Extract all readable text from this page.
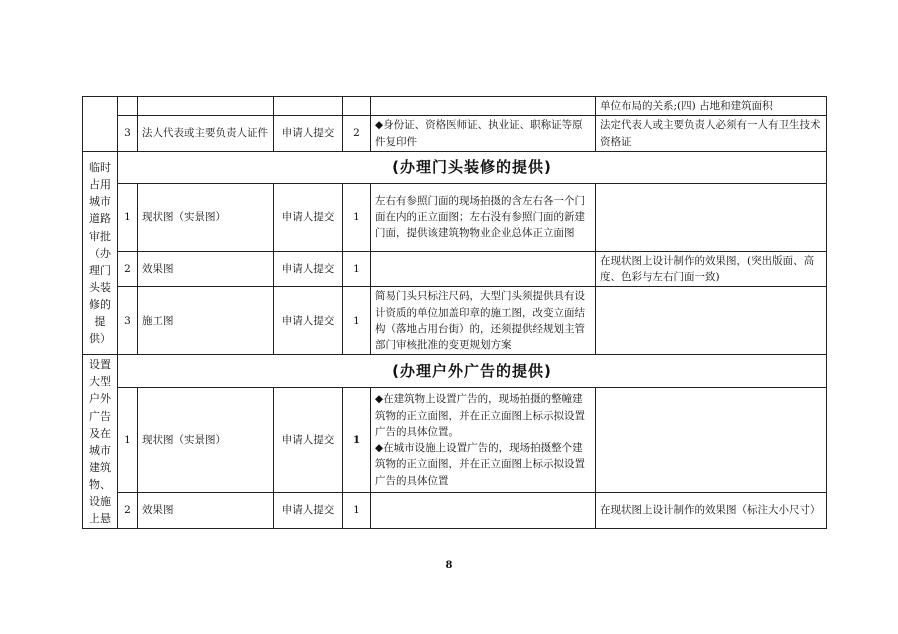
						单位布局的关系;(四) 占地和建筑面积
	3	法人代表或主要负责人证件	申请人提交	2	◆身份证、资格医师证、执业证、职称证等原件复印件	法定代表人或主要负责人必须有一人有卫生技术资格证
临时占用城市道路审批（办理门头装修的提供）	(办理门头装修的提供)					
	1	现状图（实景图）	申请人提交	1	左右有参照门面的现场拍摄的含左右各一个门面在内的正立面图；左右没有参照门面的新建门面，提供该建筑物物业企业总体正立面图	
	2	效果图	申请人提交	1		在现状图上设计制作的效果图，(突出版面、高度、色彩与左右门面一致)
	3	施工图	申请人提交	1	简易门头只标注尺码，大型门头须提供具有设计资质的单位加盖印章的施工图，改变立面结构（落地占用台街）的，还须提供经规划主管部门审核批准的变更规划方案	
设置大型户外广告及在城市建筑物、设施上悬	(办理户外广告的提供)					
	1	现状图（实景图）	申请人提交	1	◆在建筑物上设置广告的，现场拍摄的整幢建筑物的正立面图，并在正立面图上标示拟设置广告的具体位置。
◆在城市设施上设置广告的，现场拍摄整个建筑物的正立面图，并在正立面图上标示拟设置广告的具体位置	
	2	效果图	申请人提交	1		在现状图上设计制作的效果图（标注大小尺寸）
8
